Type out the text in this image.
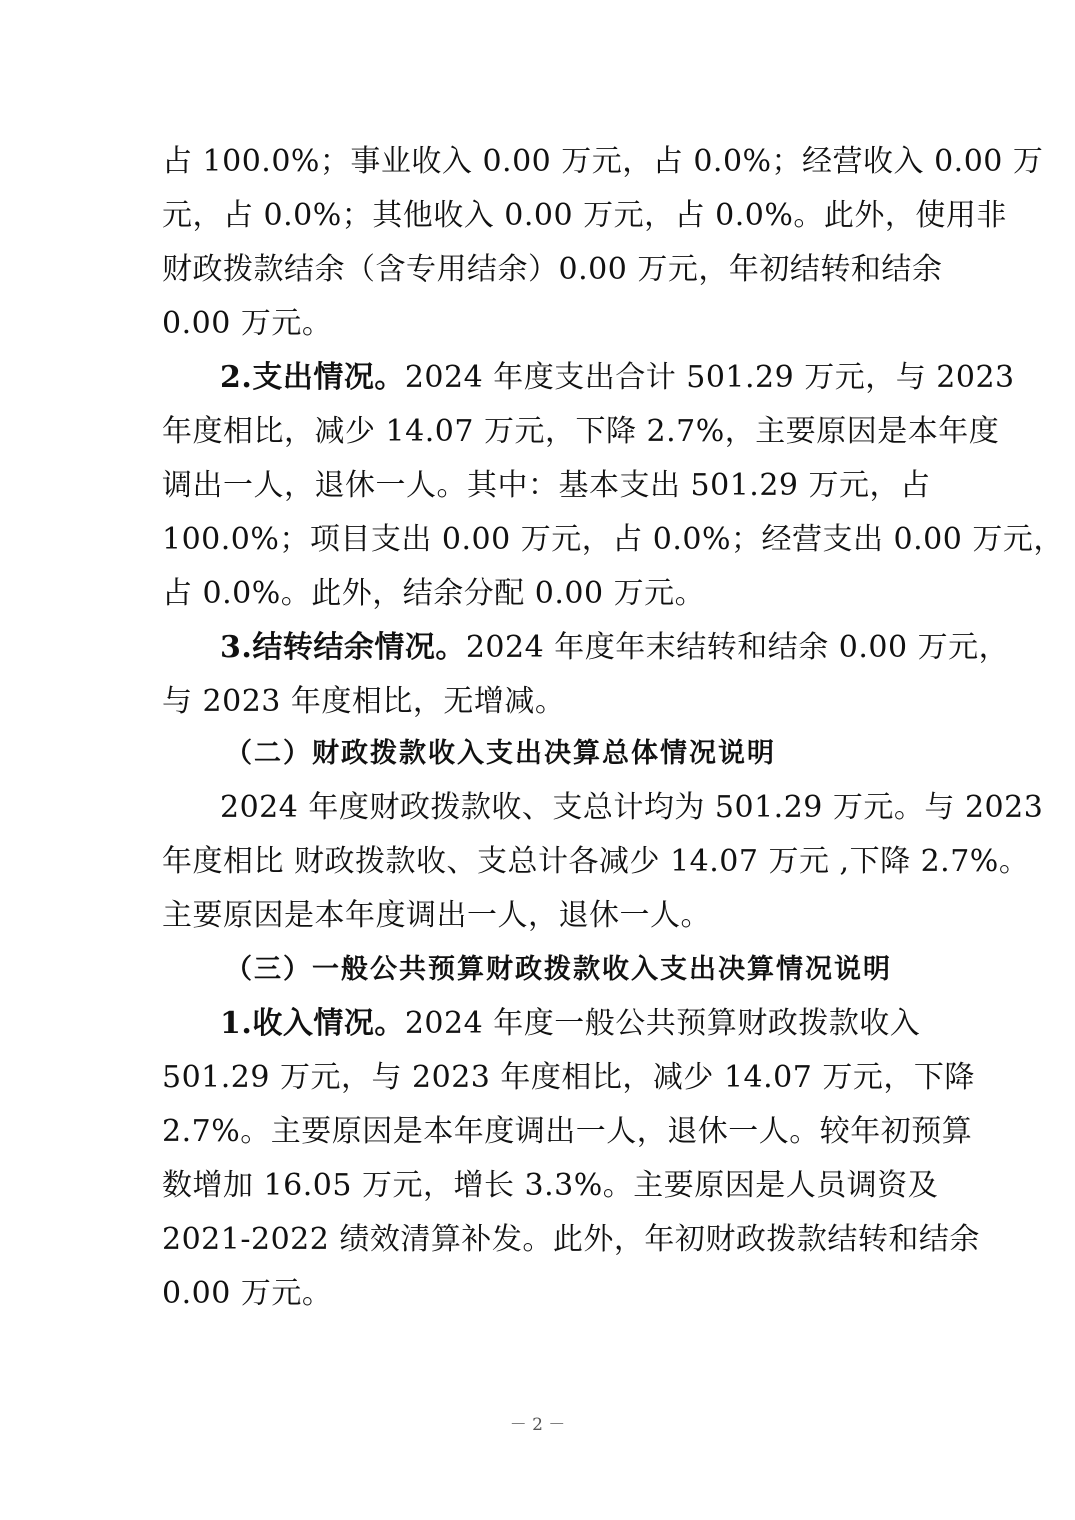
占 100.0%；事业收入 0.00 万元，占 0.0%；经营收入 0.00 万
元，占 0.0%；其他收入 0.00 万元，占 0.0%。此外，使用非
财政拨款结余（含专用结余）0.00 万元，年初结转和结余
0.00 万元。
2.支出情况。2024 年度支出合计 501.29 万元，与 2023
年度相比，减少 14.07 万元，下降 2.7%，主要原因是本年度
调出一人，退休一人。其中：基本支出 501.29 万元，占
100.0%；项目支出 0.00 万元，占 0.0%；经营支出 0.00 万元，
占 0.0%。此外，结余分配 0.00 万元。
3.结转结余情况。2024 年度年末结转和结余 0.00 万元，
与 2023 年度相比，无增减。
（二）财政拨款收入支出决算总体情况说明
2024 年度财政拨款收、支总计均为 501.29 万元。与 2023
年度相比 财政拨款收、支总计各减少 14.07 万元 ,下降 2.7%。
主要原因是本年度调出一人，退休一人。
（三）一般公共预算财政拨款收入支出决算情况说明
1.收入情况。2024 年度一般公共预算财政拨款收入
501.29 万元，与 2023 年度相比，减少 14.07 万元，下降
2.7%。主要原因是本年度调出一人，退休一人。较年初预算
数增加 16.05 万元，增长 3.3%。主要原因是人员调资及
2021-2022 绩效清算补发。此外，年初财政拨款结转和结余
0.00 万元。
－ 2 －
